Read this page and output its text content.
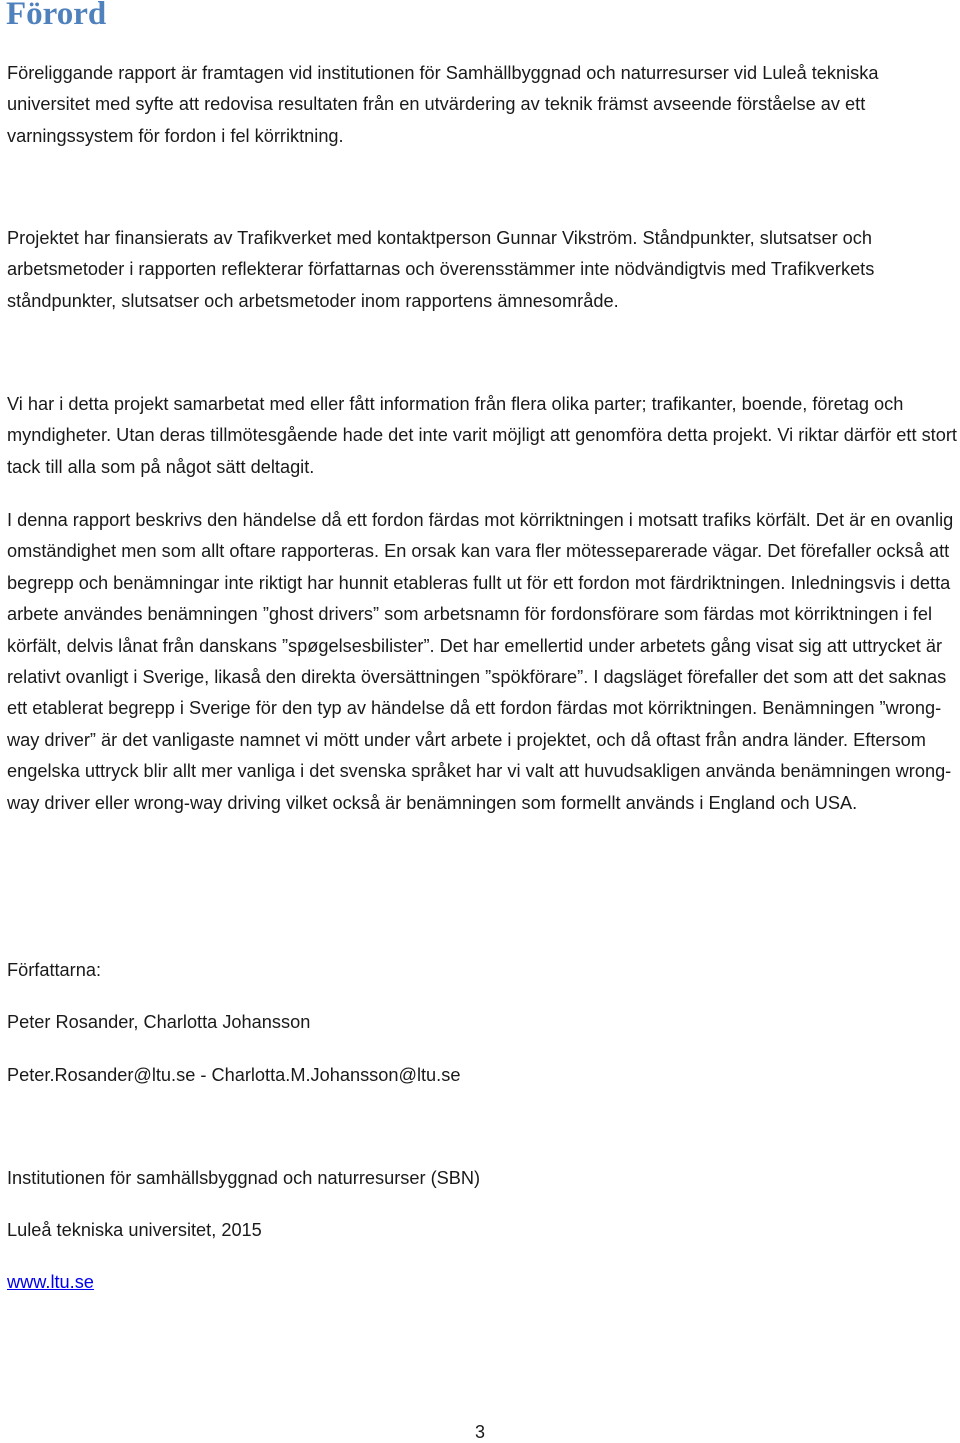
Förord

Föreliggande rapport är framtagen vid institutionen för Samhällbyggnad och naturresurser vid Luleå tekniska universitet med syfte att redovisa resultaten från en utvärdering av teknik främst avseende förståelse av ett varningssystem för fordon i fel körriktning.

Projektet har finansierats av Trafikverket med kontaktperson Gunnar Vikström. Ståndpunkter, slutsatser och arbetsmetoder i rapporten reflekterar författarnas och överensstämmer inte nödvändigtvis med Trafikverkets ståndpunkter, slutsatser och arbetsmetoder inom rapportens ämnesområde.

Vi har i detta projekt samarbetat med eller fått information från flera olika parter; trafikanter, boende, företag och myndigheter. Utan deras tillmötesgående hade det inte varit möjligt att genomföra detta projekt. Vi riktar därför ett stort tack till alla som på något sätt deltagit.

I denna rapport beskrivs den händelse då ett fordon färdas mot körriktningen i motsatt trafiks körfält. Det är en ovanlig omständighet men som allt oftare rapporteras. En orsak kan vara fler mötesseparerade vägar. Det förefaller också att begrepp och benämningar inte riktigt har hunnit etableras fullt ut för ett fordon mot färdriktningen. Inledningsvis i detta arbete användes benämningen ”ghost drivers” som arbetsnamn för fordonsförare som färdas mot körriktningen i fel körfält, delvis lånat från danskans ”spøgelsesbilister”. Det har emellertid under arbetets gång visat sig att uttrycket är relativt ovanligt i Sverige, likaså den direkta översättningen ”spökförare”. I dagsläget förefaller det som att det saknas ett etablerat begrepp i Sverige för den typ av händelse då ett fordon färdas mot körriktningen. Benämningen ”wrong-way driver” är det vanligaste namnet vi mött under vårt arbete i projektet, och då oftast från andra länder. Eftersom engelska uttryck blir allt mer vanliga i det svenska språket har vi valt att huvudsakligen använda benämningen wrong-way driver eller wrong-way driving vilket också är benämningen som formellt används i England och USA.

Författarna:

Peter Rosander, Charlotta Johansson

Peter.Rosander@ltu.se - Charlotta.M.Johansson@ltu.se

Institutionen för samhällsbyggnad och naturresurser (SBN)

Luleå tekniska universitet, 2015

www.ltu.se

3
